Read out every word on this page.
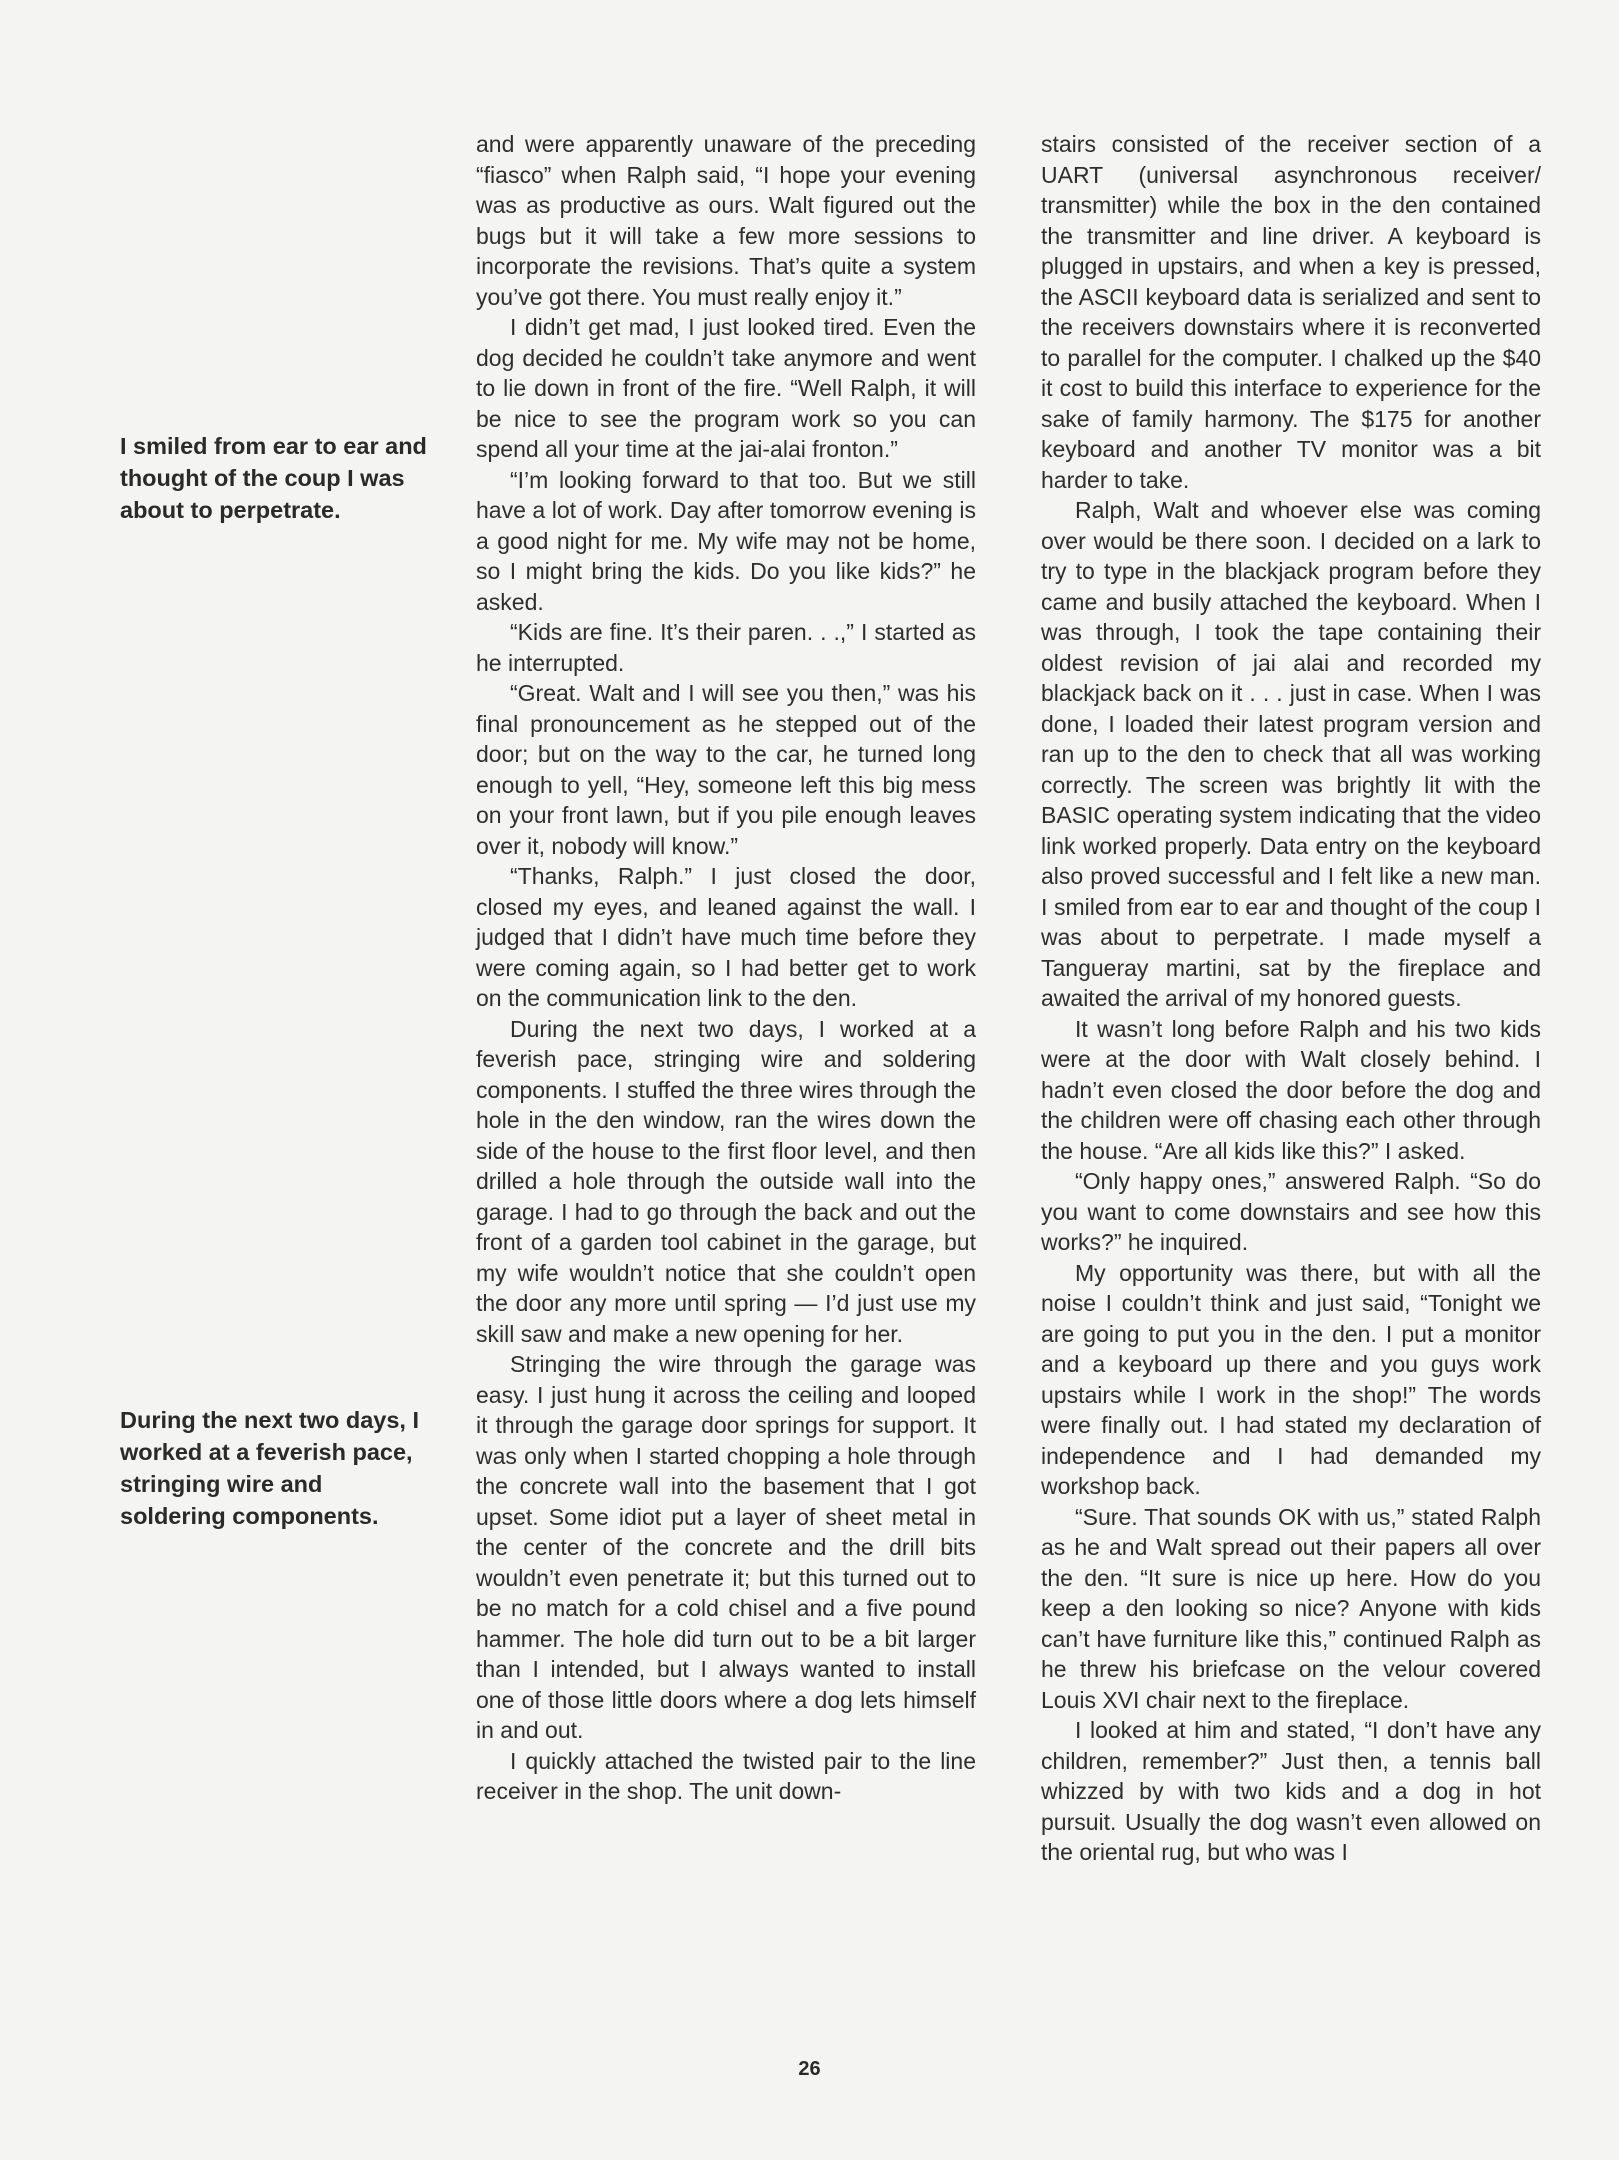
I smiled from ear to ear and thought of the coup I was about to perpetrate.
During the next two days, I worked at a feverish pace, stringing wire and soldering components.

and were apparently unaware of the preceding “fiasco” when Ralph said, “I hope your evening was as productive as ours. Walt figured out the bugs but it will take a few more sessions to incorporate the revisions. That’s quite a system you’ve got there. You must really enjoy it.”

I didn’t get mad, I just looked tired. Even the dog decided he couldn’t take anymore and went to lie down in front of the fire. “Well Ralph, it will be nice to see the program work so you can spend all your time at the jai-alai fronton.”

“I’m looking forward to that too. But we still have a lot of work. Day after tomorrow evening is a good night for me. My wife may not be home, so I might bring the kids. Do you like kids?” he asked.

“Kids are fine. It’s their paren. . .,” I started as he interrupted.

“Great. Walt and I will see you then,” was his final pronouncement as he stepped out of the door; but on the way to the car, he turned long enough to yell, “Hey, someone left this big mess on your front lawn, but if you pile enough leaves over it, nobody will know.”

“Thanks, Ralph.” I just closed the door, closed my eyes, and leaned against the wall. I judged that I didn’t have much time before they were coming again, so I had better get to work on the communication link to the den.

During the next two days, I worked at a feverish pace, stringing wire and soldering components. I stuffed the three wires through the hole in the den window, ran the wires down the side of the house to the first floor level, and then drilled a hole through the outside wall into the garage. I had to go through the back and out the front of a garden tool cabinet in the garage, but my wife wouldn’t notice that she couldn’t open the door any more until spring — I’d just use my skill saw and make a new opening for her.

Stringing the wire through the garage was easy. I just hung it across the ceiling and looped it through the garage door springs for support. It was only when I started chopping a hole through the concrete wall into the basement that I got upset. Some idiot put a layer of sheet metal in the center of the concrete and the drill bits wouldn’t even penetrate it; but this turned out to be no match for a cold chisel and a five pound hammer. The hole did turn out to be a bit larger than I intended, but I always wanted to install one of those little doors where a dog lets himself in and out.

I quickly attached the twisted pair to the line receiver in the shop. The unit down-

stairs consisted of the receiver section of a UART (universal asynchronous receiver/ transmitter) while the box in the den contained the transmitter and line driver. A keyboard is plugged in upstairs, and when a key is pressed, the ASCII keyboard data is serialized and sent to the receivers downstairs where it is reconverted to parallel for the computer. I chalked up the $40 it cost to build this interface to experience for the sake of family harmony. The $175 for another keyboard and another TV monitor was a bit harder to take.

Ralph, Walt and whoever else was coming over would be there soon. I decided on a lark to try to type in the blackjack program before they came and busily attached the keyboard. When I was through, I took the tape containing their oldest revision of jai alai and recorded my blackjack back on it . . . just in case. When I was done, I loaded their latest program version and ran up to the den to check that all was working correctly. The screen was brightly lit with the BASIC operating system indicating that the video link worked properly. Data entry on the keyboard also proved successful and I felt like a new man. I smiled from ear to ear and thought of the coup I was about to perpetrate. I made myself a Tangueray martini, sat by the fireplace and awaited the arrival of my honored guests.

It wasn’t long before Ralph and his two kids were at the door with Walt closely behind. I hadn’t even closed the door before the dog and the children were off chasing each other through the house. “Are all kids like this?” I asked.

“Only happy ones,” answered Ralph. “So do you want to come downstairs and see how this works?” he inquired.

My opportunity was there, but with all the noise I couldn’t think and just said, “Tonight we are going to put you in the den. I put a monitor and a keyboard up there and you guys work upstairs while I work in the shop!” The words were finally out. I had stated my declaration of independence and I had demanded my workshop back.

“Sure. That sounds OK with us,” stated Ralph as he and Walt spread out their papers all over the den. “It sure is nice up here. How do you keep a den looking so nice? Anyone with kids can’t have furniture like this,” continued Ralph as he threw his briefcase on the velour covered Louis XVI chair next to the fireplace.

I looked at him and stated, “I don’t have any children, remember?” Just then, a tennis ball whizzed by with two kids and a dog in hot pursuit. Usually the dog wasn’t even allowed on the oriental rug, but who was I

26
